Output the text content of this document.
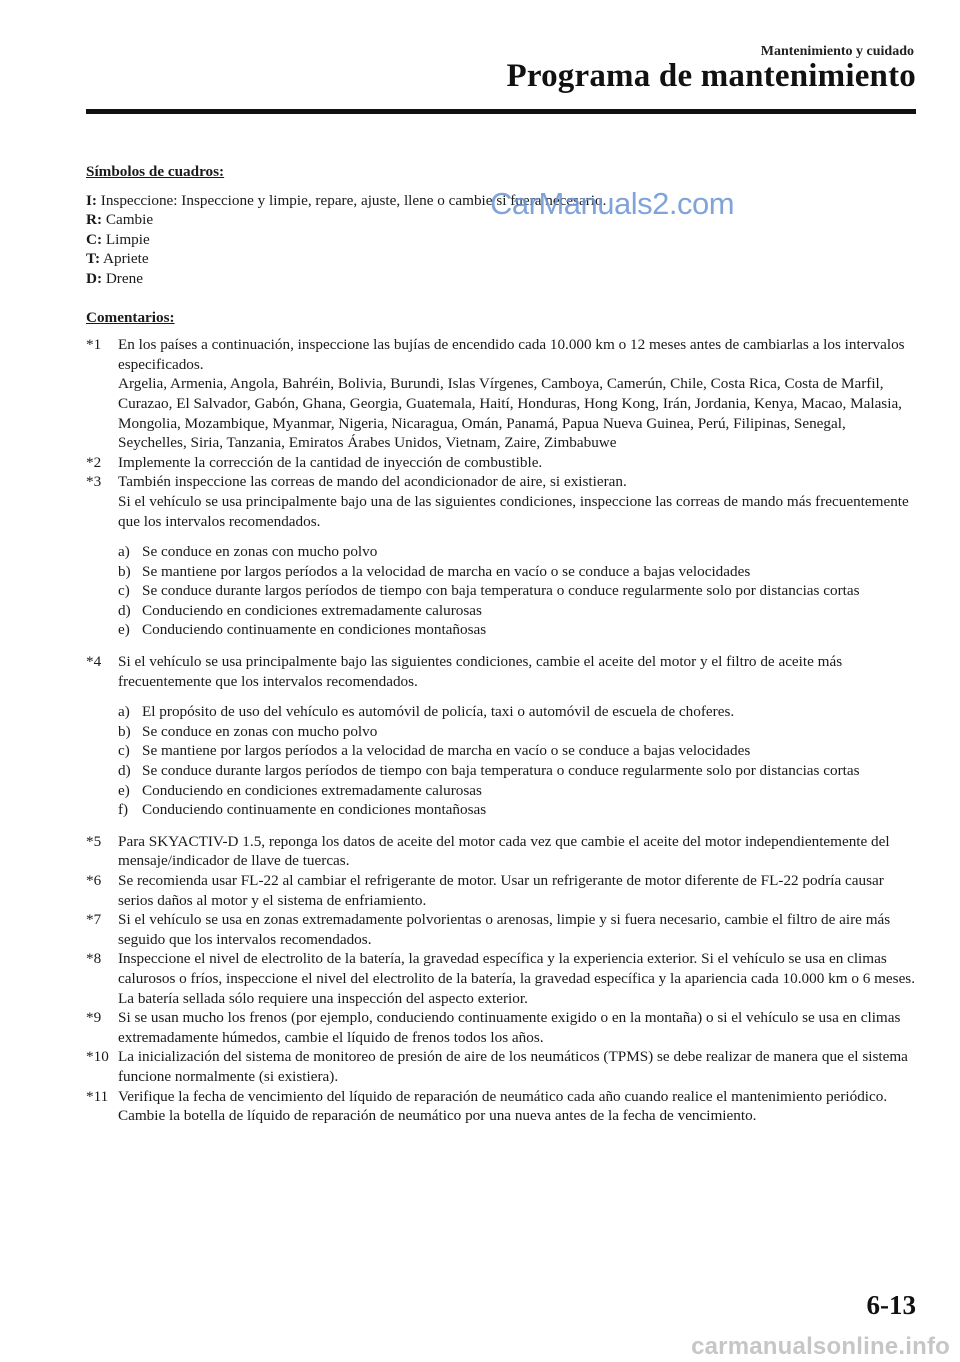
Mantenimiento y cuidado
Programa de mantenimiento
Símbolos de cuadros:
I: Inspeccione: Inspeccione y limpie, repare, ajuste, llene o cambie si fuera necesario.
R: Cambie
C: Limpie
T: Apriete
D: Drene
Comentarios:
*1 En los países a continuación, inspeccione las bujías de encendido cada 10.000 km o 12 meses antes de cambiarlas a los intervalos especificados.

Argelia, Armenia, Angola, Bahréin, Bolivia, Burundi, Islas Vírgenes, Camboya, Camerún, Chile, Costa Rica, Costa de Marfil, Curazao, El Salvador, Gabón, Ghana, Georgia, Guatemala, Haití, Honduras, Hong Kong, Irán, Jordania, Kenya, Macao, Malasia, Mongolia, Mozambique, Myanmar, Nigeria, Nicaragua, Omán, Panamá, Papua Nueva Guinea, Perú, Filipinas, Senegal, Seychelles, Siria, Tanzania, Emiratos Árabes Unidos, Vietnam, Zaire, Zimbabuwe

*2 Implemente la corrección de la cantidad de inyección de combustible.

*3 También inspeccione las correas de mando del acondicionador de aire, si existieran.

Si el vehículo se usa principalmente bajo una de las siguientes condiciones, inspeccione las correas de mando más frecuentemente que los intervalos recomendados.

a) Se conduce en zonas con mucho polvo
b) Se mantiene por largos períodos a la velocidad de marcha en vacío o se conduce a bajas velocidades
c) Se conduce durante largos períodos de tiempo con baja temperatura o conduce regularmente solo por distancias cortas
d) Conduciendo en condiciones extremadamente calurosas
e) Conduciendo continuamente en condiciones montañosas
*4 Si el vehículo se usa principalmente bajo las siguientes condiciones, cambie el aceite del motor y el filtro de aceite más frecuentemente que los intervalos recomendados.

a) El propósito de uso del vehículo es automóvil de policía, taxi o automóvil de escuela de choferes.
b) Se conduce en zonas con mucho polvo
c) Se mantiene por largos períodos a la velocidad de marcha en vacío o se conduce a bajas velocidades
d) Se conduce durante largos períodos de tiempo con baja temperatura o conduce regularmente solo por distancias cortas
e) Conduciendo en condiciones extremadamente calurosas
f) Conduciendo continuamente en condiciones montañosas
*5 Para SKYACTIV-D 1.5, reponga los datos de aceite del motor cada vez que cambie el aceite del motor independientemente del mensaje/indicador de llave de tuercas.

*6 Se recomienda usar FL-22 al cambiar el refrigerante de motor. Usar un refrigerante de motor diferente de FL-22 podría causar serios daños al motor y el sistema de enfriamiento.

*7 Si el vehículo se usa en zonas extremadamente polvorientas o arenosas, limpie y si fuera necesario, cambie el filtro de aire más seguido que los intervalos recomendados.

*8 Inspeccione el nivel de electrolito de la batería, la gravedad específica y la experiencia exterior. Si el vehículo se usa en climas calurosos o fríos, inspeccione el nivel del electrolito de la batería, la gravedad específica y la apariencia cada 10.000 km o 6 meses. La batería sellada sólo requiere una inspección del aspecto exterior.

*9 Si se usan mucho los frenos (por ejemplo, conduciendo continuamente exigido o en la montaña) o si el vehículo se usa en climas extremadamente húmedos, cambie el líquido de frenos todos los años.

*10 La inicialización del sistema de monitoreo de presión de aire de los neumáticos (TPMS) se debe realizar de manera que el sistema funcione normalmente (si existiera).

*11 Verifique la fecha de vencimiento del líquido de reparación de neumático cada año cuando realice el mantenimiento periódico. Cambie la botella de líquido de reparación de neumático por una nueva antes de la fecha de vencimiento.

CarManuals2.com
6-13
carmanualsonline.info
